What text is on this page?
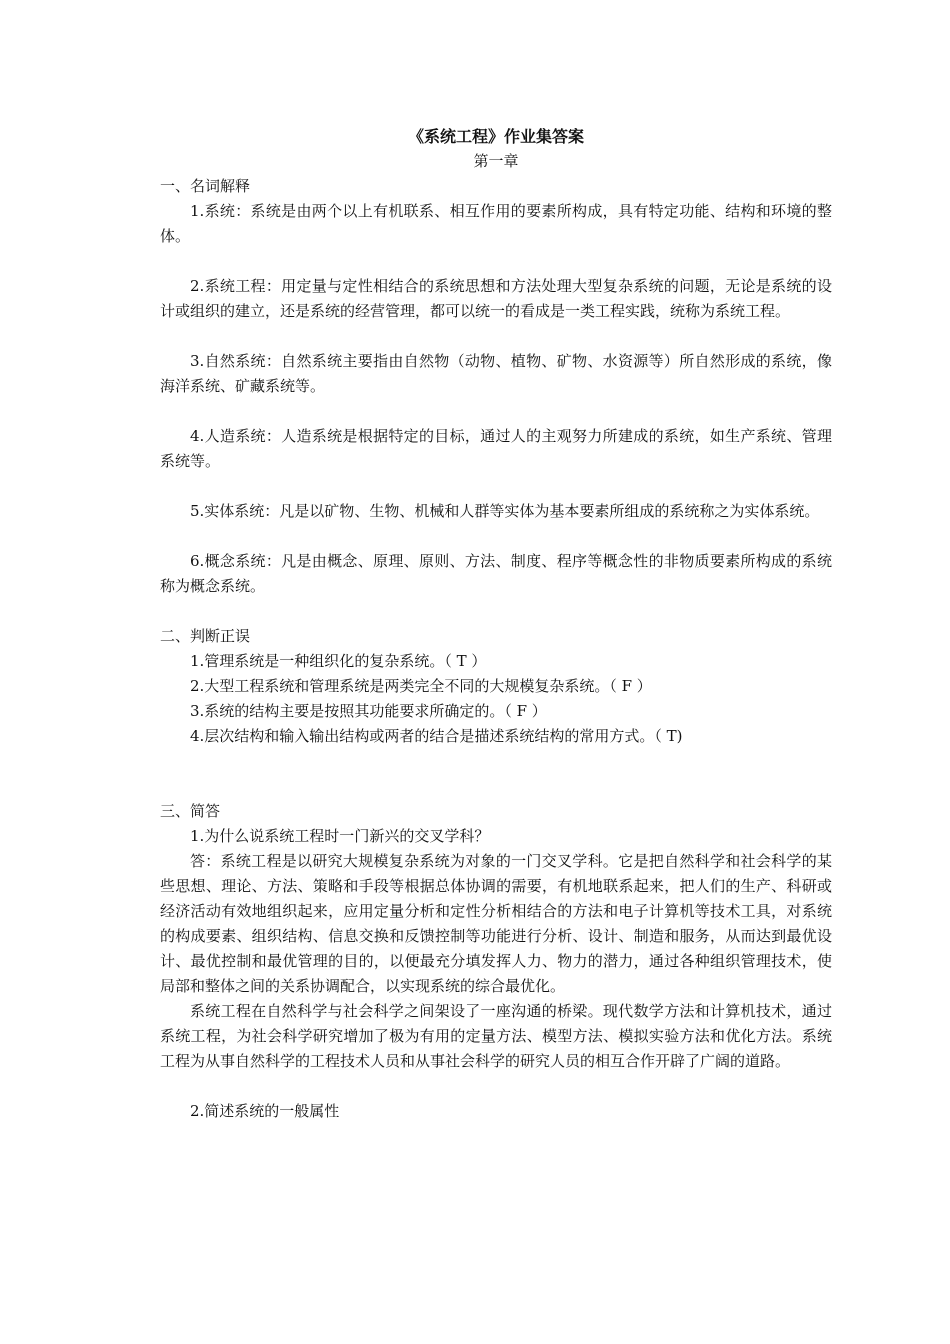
《系统工程》作业集答案

第一章

一、名词解释

1.系统：系统是由两个以上有机联系、相互作用的要素所构成，具有特定功能、结构和环境的整体。

2.系统工程：用定量与定性相结合的系统思想和方法处理大型复杂系统的问题，无论是系统的设计或组织的建立，还是系统的经营管理，都可以统一的看成是一类工程实践，统称为系统工程。

3.自然系统：自然系统主要指由自然物（动物、植物、矿物、水资源等）所自然形成的系统，像海洋系统、矿藏系统等。

4.人造系统：人造系统是根据特定的目标，通过人的主观努力所建成的系统，如生产系统、管理系统等。

5.实体系统：凡是以矿物、生物、机械和人群等实体为基本要素所组成的系统称之为实体系统。

6.概念系统：凡是由概念、原理、原则、方法、制度、程序等概念性的非物质要素所构成的系统称为概念系统。

二、判断正误

1.管理系统是一种组织化的复杂系统。（ T ）

2.大型工程系统和管理系统是两类完全不同的大规模复杂系统。（ F ）

3.系统的结构主要是按照其功能要求所确定的。（ F ）

4.层次结构和输入输出结构或两者的结合是描述系统结构的常用方式。（ T)

三、简答

1.为什么说系统工程时一门新兴的交叉学科？

答：系统工程是以研究大规模复杂系统为对象的一门交叉学科。它是把自然科学和社会科学的某些思想、理论、方法、策略和手段等根据总体协调的需要，有机地联系起来，把人们的生产、科研或经济活动有效地组织起来，应用定量分析和定性分析相结合的方法和电子计算机等技术工具，对系统的构成要素、组织结构、信息交换和反馈控制等功能进行分析、设计、制造和服务，从而达到最优设计、最优控制和最优管理的目的，以便最充分填发挥人力、物力的潜力，通过各种组织管理技术，使局部和整体之间的关系协调配合，以实现系统的综合最优化。

系统工程在自然科学与社会科学之间架设了一座沟通的桥梁。现代数学方法和计算机技术，通过系统工程，为社会科学研究增加了极为有用的定量方法、模型方法、模拟实验方法和优化方法。系统工程为从事自然科学的工程技术人员和从事社会科学的研究人员的相互合作开辟了广阔的道路。

2.简述系统的一般属性
